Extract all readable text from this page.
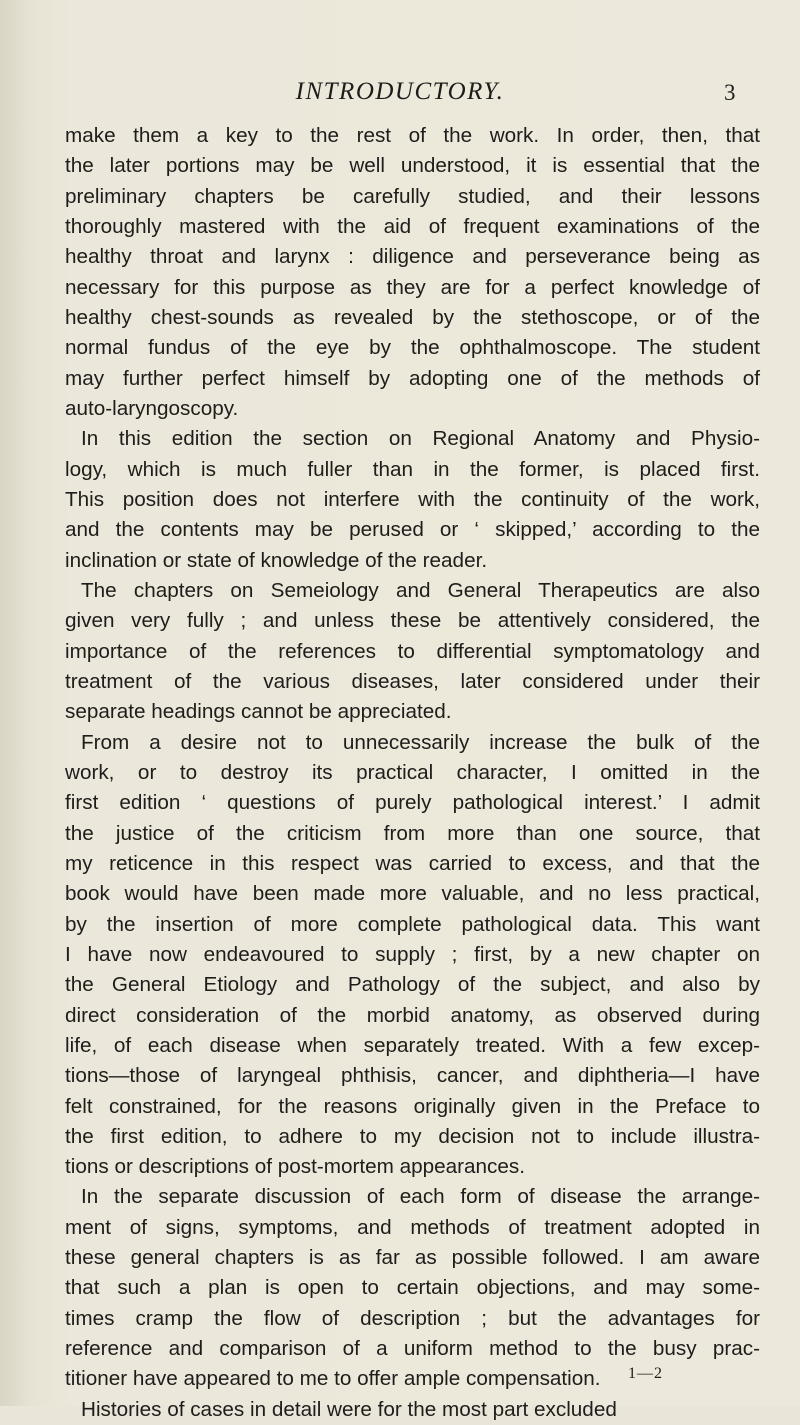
INTRODUCTORY.	3
make them a key to the rest of the work. In order, then, that
the later portions may be well understood, it is essential that the
preliminary chapters be carefully studied, and their lessons
thoroughly mastered with the aid of frequent examinations of the
healthy throat and larynx : diligence and perseverance being as
necessary for this purpose as they are for a perfect knowledge of
healthy chest-sounds as revealed by the stethoscope, or of the
normal fundus of the eye by the ophthalmoscope. The student
may further perfect himself by adopting one of the methods of
auto-laryngoscopy.
In this edition the section on Regional Anatomy and Physio-
logy, which is much fuller than in the former, is placed first.
This position does not interfere with the continuity of the work,
and the contents may be perused or ‘ skipped,’ according to the
inclination or state of knowledge of the reader.
The chapters on Semeiology and General Therapeutics are also
given very fully ; and unless these be attentively considered, the
importance of the references to differential symptomatology and
treatment of the various diseases, later considered under their
separate headings cannot be appreciated.
From a desire not to unnecessarily increase the bulk of the
work, or to destroy its practical character, I omitted in the
first edition ‘ questions of purely pathological interest.’ I admit
the justice of the criticism from more than one source, that
my reticence in this respect was carried to excess, and that the
book would have been made more valuable, and no less practical,
by the insertion of more complete pathological data. This want
I have now endeavoured to supply ; first, by a new chapter on
the General Etiology and Pathology of the subject, and also by
direct consideration of the morbid anatomy, as observed during
life, of each disease when separately treated. With a few excep-
tions—those of laryngeal phthisis, cancer, and diphtheria—I have
felt constrained, for the reasons originally given in the Preface to
the first edition, to adhere to my decision not to include illustra-
tions or descriptions of post-mortem appearances.
In the separate discussion of each form of disease the arrange-
ment of signs, symptoms, and methods of treatment adopted in
these general chapters is as far as possible followed. I am aware
that such a plan is open to certain objections, and may some-
times cramp the flow of description ; but the advantages for
reference and comparison of a uniform method to the busy prac-
titioner have appeared to me to offer ample compensation.
Histories of cases in detail were for the most part excluded
1—2
